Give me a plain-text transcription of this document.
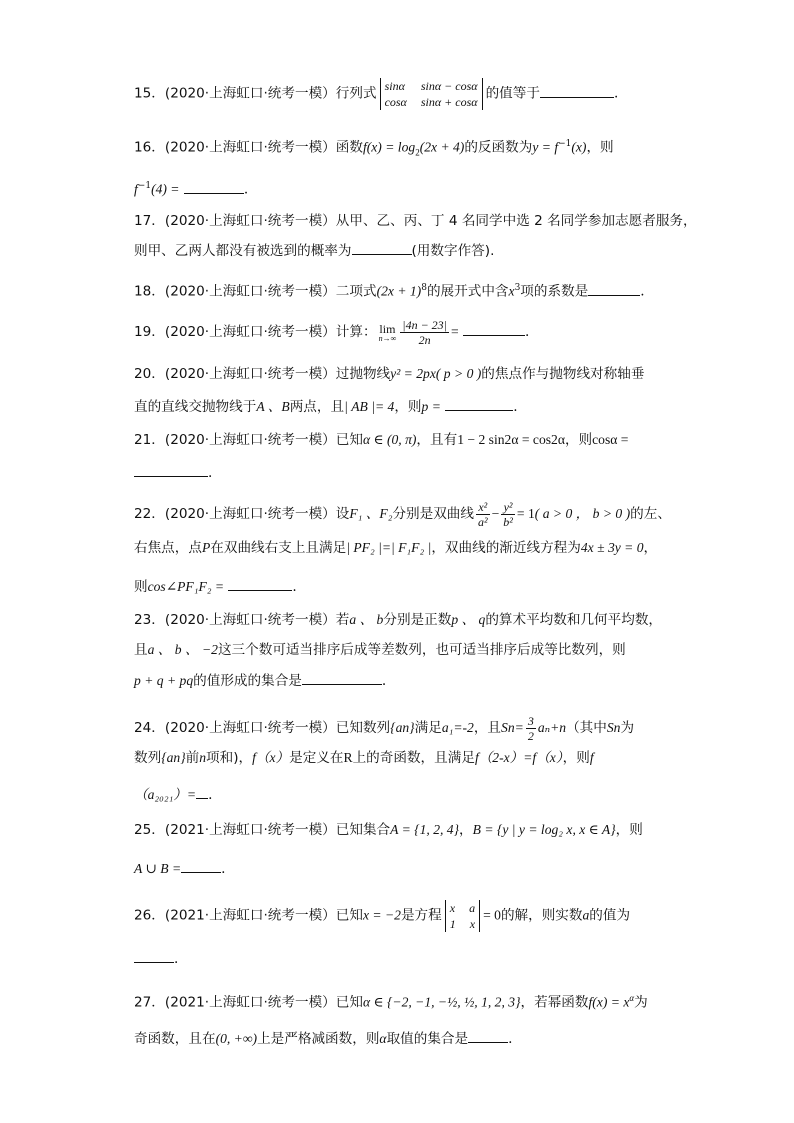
15．(2020·上海虹口·统考一模）行列式 sinα sinα − cosα
cosα sinα + cosα
的值等于	.
16．(2020·上海虹口·统考一模）函数$f(x) = \log_2(2x + 4)$的反函数为$y = f^{-1}(x)$，则
$f^{-1}(4)$ =	.
17．(2020·上海虹口·统考一模）从甲、乙、丙、丁 4 名同学中选 2 名同学参加志愿者服务，
则甲、乙两人都没有被选到的概率为	(用数字作答).
18．(2020·上海虹口·统考一模）二项式$(2x + 1)^8$的展开式中含$x^3$项的系数是	.
19．(2020·上海虹口·统考一模）计算： lim
$n\to\infty \frac{|4n - 23|}{2n}$ =	.
20．(2020·上海虹口·统考一模）过抛物线y² = 2px( p > 0 )的焦点作与抛物线对称轴垂
直的直线交抛物线于A 、B两点，且| AB |= 4，则p =	.
21．(2020·上海虹口·统考一模）已知α ∈ (0, π)，且有1 − 2 sin2α = cos2α，则cosα =
.
22．(2020·上海虹口·统考一模）设F₁ 、F₂分别是双曲线 $\frac{\text{x²}}{\text{a²}} - \frac{\text{y²}}{\text{b²}} = 1$( a > 0 ， b > 0 )的左、
右焦点，点P在双曲线右支上且满足| PF₂ |=| F₁F₂ |，双曲线的渐近线方程为4x ± 3y = 0，
则cos∠PF₁F₂ =	.
23．(2020·上海虹口·统考一模）若a 、 b分别是正数p 、 q的算术平均数和几何平均数，
且a 、 b 、 −2这三个数可适当排序后成等差数列，也可适当排序后成等比数列，则
p + q + pq的值形成的集合是	.
24．(2020·上海虹口·统考一模）已知数列{an}满足a₁=-2，且$Sn= \frac{3}{2} a_n+n$（其中Sn为
数列{an}前n项和)，f（x）是定义在R上的奇函数，且满足f（2-x）=f（x），则f
（a₂₀₂₁）= .
25．(2021·上海虹口·统考一模）已知集合A = {1, 2, 4}，B = {y | y = log₂ x, x ∈ A}，则
A ∪ B =	.
26．(2021·上海虹口·统考一模）已知x = −2是方程 x a
1 x
= 0的解，则实数a的值为
.
27．(2021·上海虹口·统考一模）已知α ∈ {−2, −1, −½, ½, 1, 2, 3}，若幂函数$f(x) = x^\alpha$为
奇函数，且在(0, +∞)上是严格减函数，则α取值的集合是	.
